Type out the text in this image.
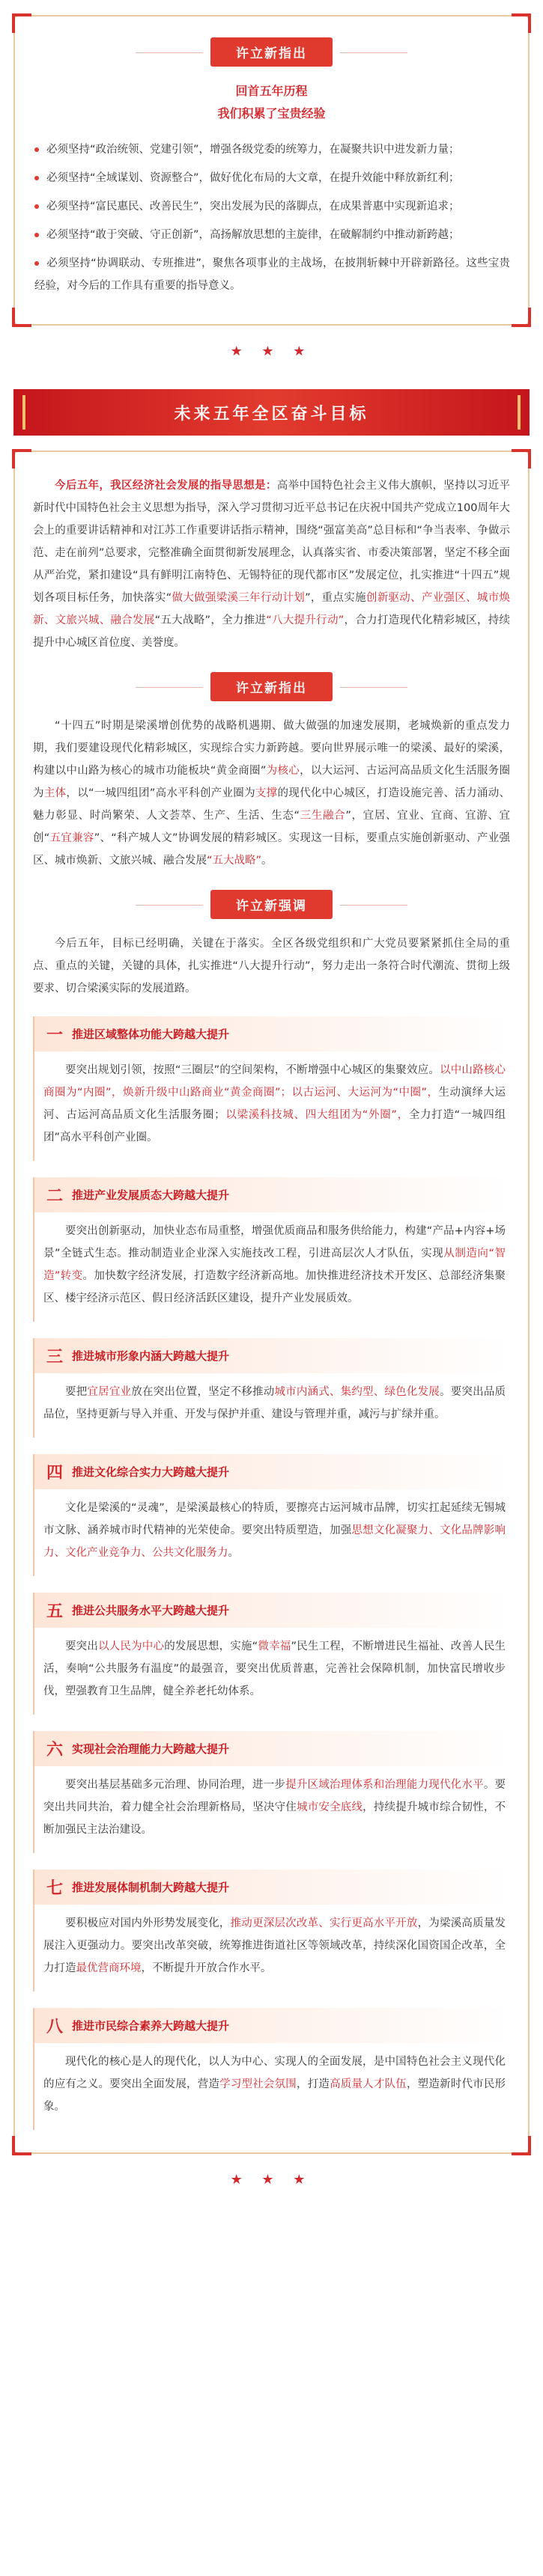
许立新指出
回首五年历程
我们积累了宝贵经验

必须坚持“政治统领、党建引领”，增强各级党委的统筹力，在凝聚共识中进发新力量；

必须坚持“全域谋划、资源整合”，做好优化布局的大文章，在提升效能中释放新红利；

必须坚持“富民惠民、改善民生”，突出发展为民的落脚点，在成果普惠中实现新追求；

必须坚持“敢于突破、守正创新”，高扬解放思想的主旋律，在破解制约中推动新跨越；

必须坚持“协调联动、专班推进”，聚焦各项事业的主战场，在披荆斩棘中开辟新路径。这些宝贵经验，对今后的工作具有重要的指导意义。

★ ★ ★
未来五年全区奋斗目标

今后五年，我区经济社会发展的指导思想是：高举中国特色社会主义伟大旗帜，坚持以习近平新时代中国特色社会主义思想为指导，深入学习贯彻习近平总书记在庆祝中国共产党成立100周年大会上的重要讲话精神和对江苏工作重要讲话指示精神，围绕“强富美高”总目标和“争当表率、争做示范、走在前列”总要求，完整准确全面贯彻新发展理念，认真落实省、市委决策部署，坚定不移全面从严治党，紧扣建设“具有鲜明江南特色、无锡特征的现代都市区”发展定位，扎实推进“十四五”规划各项目标任务，加快落实“做大做强梁溪三年行动计划”，重点实施创新驱动、产业强区、城市焕新、文旅兴城、融合发展“五大战略”，全力推进“八大提升行动”，合力打造现代化精彩城区，持续提升中心城区首位度、美誉度。

许立新指出

“十四五”时期是梁溪增创优势的战略机遇期、做大做强的加速发展期，老城焕新的重点发力期，我们要建设现代化精彩城区，实现综合实力新跨越。要向世界展示唯一的梁溪、最好的梁溪，构建以中山路为核心的城市功能板块“黄金商圈”为核心，以大运河、古运河高品质文化生活服务圈为主体，以“一城四组团”高水平科创产业圈为支撑的现代化中心城区，打造设施完善、活力涌动、魅力彰显、时尚繁荣、人文荟萃、生产、生活、生态“三生融合”，宜居、宜业、宜商、宜游、宜创“五宜兼容”、“科产城人文”协调发展的精彩城区。实现这一目标，要重点实施创新驱动、产业强区、城市焕新、文旅兴城、融合发展“五大战略”。

许立新强调

今后五年，目标已经明确，关键在于落实。全区各级党组织和广大党员要紧紧抓住全局的重点、重点的关键，关键的具体，扎实推进“八大提升行动”，努力走出一条符合时代潮流、贯彻上级要求、切合梁溪实际的发展道路。

一 推进区域整体功能大跨越大提升

要突出规划引领，按照“三圈层”的空间架构，不断增强中心城区的集聚效应。以中山路核心商圈为“内圈”，焕新升级中山路商业“黄金商圈”；以古运河、大运河为“中圈”，生动演绎大运河、古运河高品质文化生活服务圈；以梁溪科技城、四大组团为“外圈”，全力打造“一城四组团”高水平科创产业圈。

二 推进产业发展质态大跨越大提升

要突出创新驱动，加快业态布局重整，增强优质商品和服务供给能力，构建“产品+内容+场景”全链式生态。推动制造业企业深入实施技改工程，引进高层次人才队伍，实现从制造向“智造”转变。加快数字经济发展，打造数字经济新高地。加快推进经济技术开发区、总部经济集聚区、楼宇经济示范区、假日经济活跃区建设，提升产业发展质效。

三 推进城市形象内涵大跨越大提升

要把宜居宜业放在突出位置，坚定不移推动城市内涵式、集约型、绿色化发展。要突出品质品位，坚持更新与导入并重、开发与保护并重、建设与管理并重，减污与扩绿并重。

四 推进文化综合实力大跨越大提升

文化是梁溪的“灵魂”，是梁溪最核心的特质，要擦亮古运河城市品牌，切实扛起延续无锡城市文脉、涵养城市时代精神的光荣使命。要突出特质塑造，加强思想文化凝聚力、文化品牌影响力、文化产业竞争力、公共文化服务力。

五 推进公共服务水平大跨越大提升

要突出以人民为中心的发展思想，实施“微幸福”民生工程，不断增进民生福祉、改善人民生活，奏响“公共服务有温度”的最强音，要突出优质普惠，完善社会保障机制，加快富民增收步伐，塑强教育卫生品牌，健全养老托幼体系。

六 实现社会治理能力大跨越大提升

要突出基层基础多元治理、协同治理，进一步提升区域治理体系和治理能力现代化水平。要突出共同共治，着力健全社会治理新格局，坚决守住城市安全底线，持续提升城市综合韧性，不断加强民主法治建设。

七 推进发展体制机制大跨越大提升

要积极应对国内外形势发展变化，推动更深层次改革、实行更高水平开放，为梁溪高质量发展注入更强动力。要突出改革突破，统筹推进街道社区等领域改革，持续深化国资国企改革，全力打造最优营商环境，不断提升开放合作水平。

八 推进市民综合素养大跨越大提升

现代化的核心是人的现代化，以人为中心、实现人的全面发展，是中国特色社会主义现代化的应有之义。要突出全面发展，营造学习型社会氛围，打造高质量人才队伍，塑造新时代市民形象。

★ ★ ★
